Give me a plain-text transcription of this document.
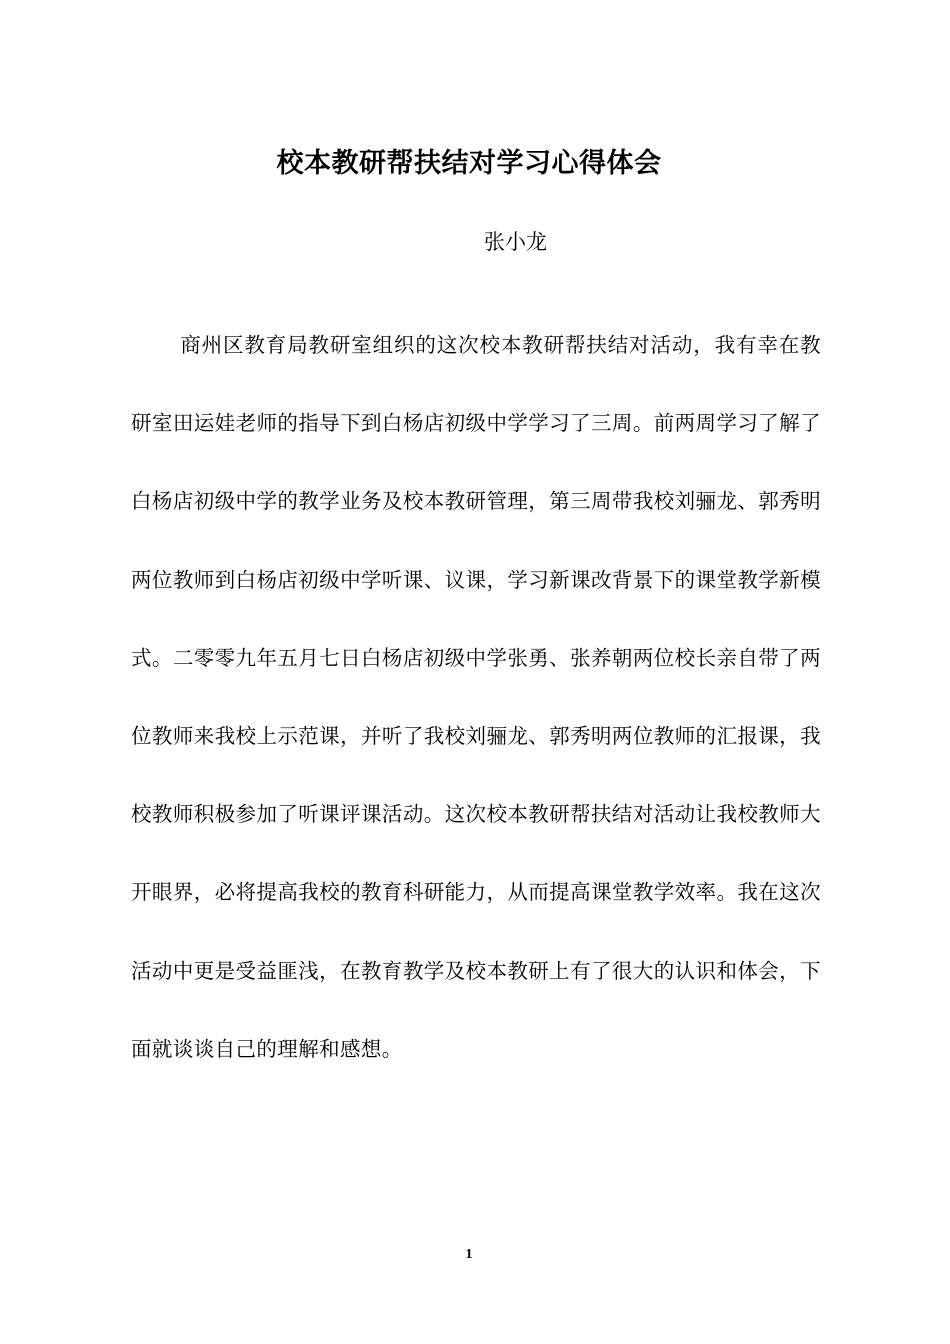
校本教研帮扶结对学习心得体会

张小龙

商州区教育局教研室组织的这次校本教研帮扶结对活动，我有幸在教研室田运娃老师的指导下到白杨店初级中学学习了三周。前两周学习了解了白杨店初级中学的教学业务及校本教研管理，第三周带我校刘骊龙、郭秀明两位教师到白杨店初级中学听课、议课，学习新课改背景下的课堂教学新模式。二零零九年五月七日白杨店初级中学张勇、张养朝两位校长亲自带了两位教师来我校上示范课，并听了我校刘骊龙、郭秀明两位教师的汇报课，我校教师积极参加了听课评课活动。这次校本教研帮扶结对活动让我校教师大开眼界，必将提高我校的教育科研能力，从而提高课堂教学效率。我在这次活动中更是受益匪浅，在教育教学及校本教研上有了很大的认识和体会，下面就谈谈自己的理解和感想。

1
